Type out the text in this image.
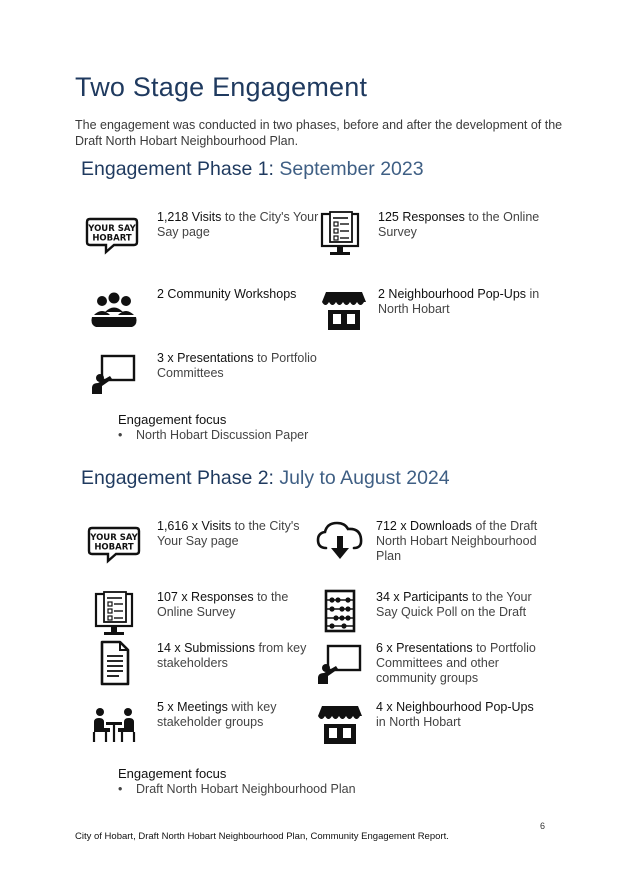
Two Stage Engagement
The engagement was conducted in two phases, before and after the development of the Draft North Hobart Neighbourhood Plan.
Engagement Phase 1: September 2023
YOUR SAY
HOBART
1,218 Visits to the City's Your Say page
125 Responses to the Online Survey
2 Community Workshops	2 Neighbourhood Pop-Ups in North Hobart
3 x Presentations to Portfolio Committees
Engagement focus
• North Hobart Discussion Paper
Engagement Phase 2: July to August 2024
YOUR SAY
HOBART
1,616 x Visits to the City's Your Say page
712 x Downloads of the Draft North Hobart Neighbourhood Plan
107 x Responses to the Online Survey
34 x Participants to the Your Say Quick Poll on the Draft
14 x Submissions from key stakeholders
6 x Presentations to Portfolio Committees and other community groups
5 x Meetings with key stakeholder groups
4 x Neighbourhood Pop-Ups in North Hobart
Engagement focus
• Draft North Hobart Neighbourhood Plan
6
City of Hobart, Draft North Hobart Neighbourhood Plan, Community Engagement Report.
